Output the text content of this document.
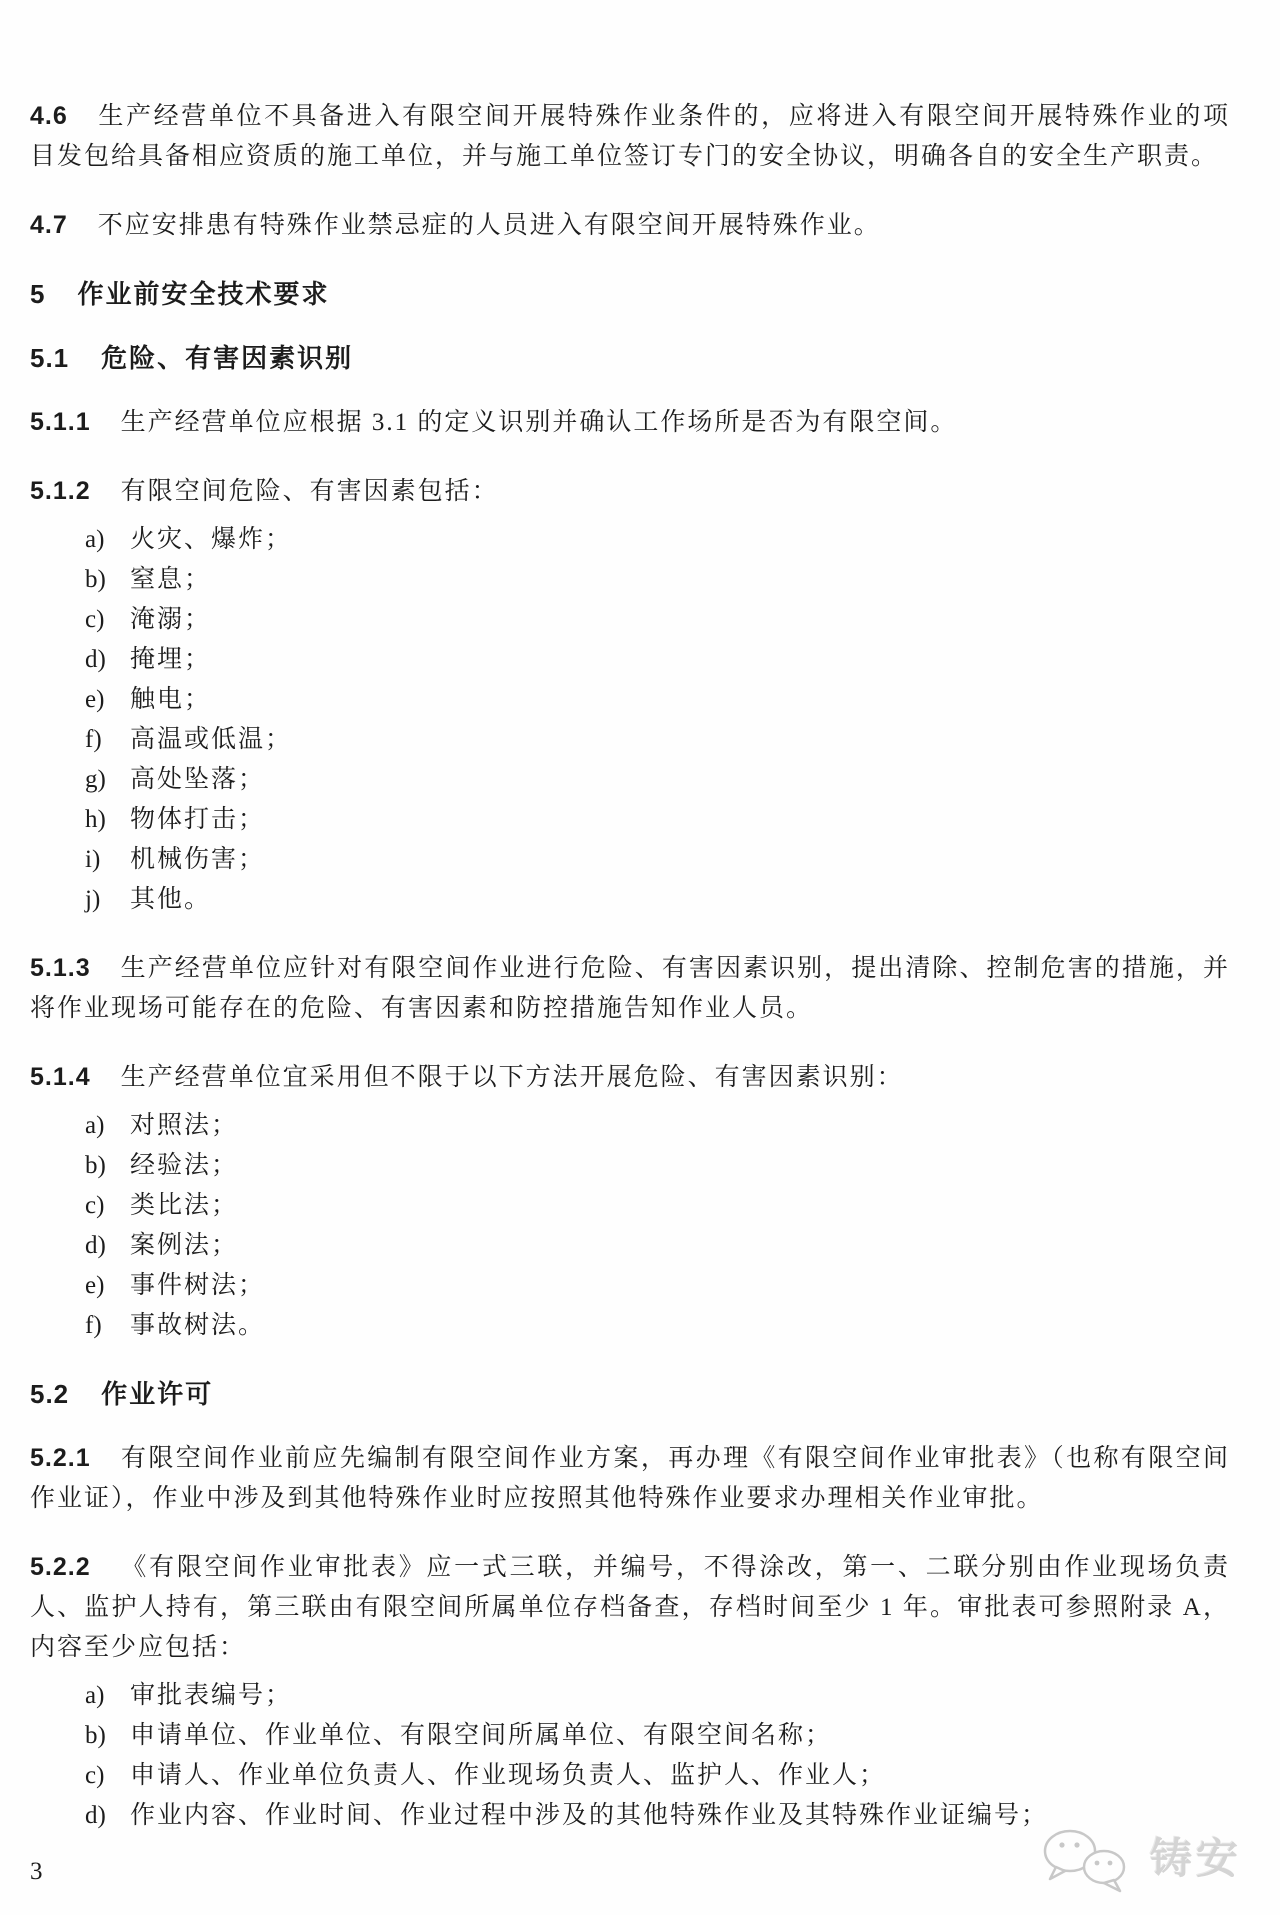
4.6 生产经营单位不具备进入有限空间开展特殊作业条件的，应将进入有限空间开展特殊作业的项目发包给具备相应资质的施工单位，并与施工单位签订专门的安全协议，明确各自的安全生产职责。

4.7 不应安排患有特殊作业禁忌症的人员进入有限空间开展特殊作业。

5 作业前安全技术要求
5.1 危险、有害因素识别

5.1.1 生产经营单位应根据 3.1 的定义识别并确认工作场所是否为有限空间。

5.1.2 有限空间危险、有害因素包括：

a) 火灾、爆炸；
b) 窒息；
c) 淹溺；
d) 掩埋；
e) 触电；
f) 高温或低温；
g) 高处坠落；
h) 物体打击；
i) 机械伤害；
j) 其他。

5.1.3 生产经营单位应针对有限空间作业进行危险、有害因素识别，提出清除、控制危害的措施，并将作业现场可能存在的危险、有害因素和防控措施告知作业人员。

5.1.4 生产经营单位宜采用但不限于以下方法开展危险、有害因素识别：

a) 对照法；
b) 经验法；
c) 类比法；
d) 案例法；
e) 事件树法；
f) 事故树法。
5.2 作业许可

5.2.1 有限空间作业前应先编制有限空间作业方案，再办理《有限空间作业审批表》（也称有限空间作业证），作业中涉及到其他特殊作业时应按照其他特殊作业要求办理相关作业审批。

5.2.2 《有限空间作业审批表》应一式三联，并编号，不得涂改，第一、二联分别由作业现场负责人、监护人持有，第三联由有限空间所属单位存档备查，存档时间至少 1 年。审批表可参照附录 A，内容至少应包括：

a) 审批表编号；
b) 申请单位、作业单位、有限空间所属单位、有限空间名称；
c) 申请人、作业单位负责人、作业现场负责人、监护人、作业人；
d) 作业内容、作业时间、作业过程中涉及的其他特殊作业及其特殊作业证编号；
3	铸安
